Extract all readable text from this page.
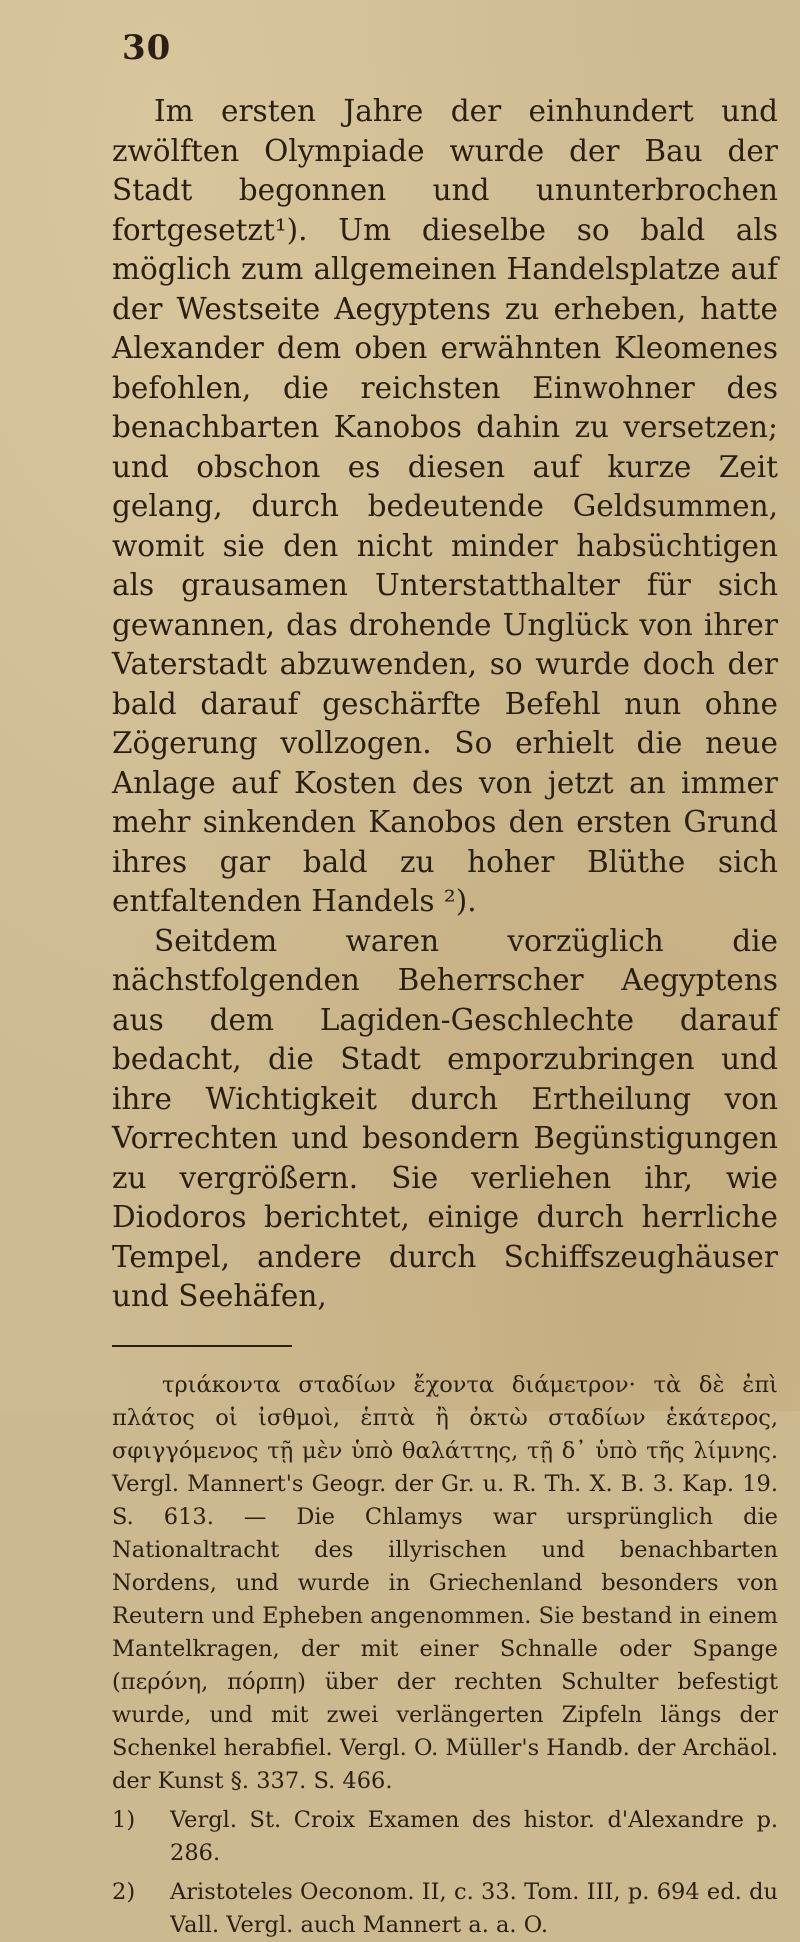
30

Im ersten Jahre der einhundert und zwölften Olympiade wurde der Bau der Stadt begonnen und ununterbrochen fortgesetzt¹). Um dieselbe so bald als möglich zum allgemeinen Handelsplatze auf der Westseite Aegyptens zu erheben, hatte Alexander dem oben erwähnten Kleomenes befohlen, die reichsten Einwohner des benachbarten Kanobos dahin zu versetzen; und obschon es diesen auf kurze Zeit gelang, durch bedeutende Geldsummen, womit sie den nicht minder habsüchtigen als grausamen Unterstatthalter für sich gewannen, das drohende Unglück von ihrer Vaterstadt abzuwenden, so wurde doch der bald darauf geschärfte Befehl nun ohne Zögerung vollzogen. So erhielt die neue Anlage auf Kosten des von jetzt an immer mehr sinkenden Kanobos den ersten Grund ihres gar bald zu hoher Blüthe sich entfaltenden Handels ²).

Seitdem waren vorzüglich die nächstfolgenden Beherrscher Aegyptens aus dem Lagiden-Geschlechte darauf bedacht, die Stadt emporzubringen und ihre Wichtigkeit durch Ertheilung von Vorrechten und besondern Begünstigungen zu vergrößern. Sie verliehen ihr, wie Diodoros berichtet, einige durch herrliche Tempel, andere durch Schiffszeughäuser und Seehäfen,

τριάκοντα σταδίων ἔχοντα διάμετρον· τὰ δὲ ἐπὶ πλάτος οἱ ἰσθμοὶ, ἑπτὰ ἢ ὀκτὼ σταδίων ἑκάτερος, σφιγγόμενος τῇ μὲν ὑπὸ θαλάττης, τῇ δ᾽ ὑπὸ τῆς λίμνης. Vergl. Mannert's Geogr. der Gr. u. R. Th. X. B. 3. Kap. 19. S. 613. — Die Chlamys war ursprünglich die Nationaltracht des illyrischen und benachbarten Nordens, und wurde in Griechenland besonders von Reutern und Epheben angenommen. Sie bestand in einem Mantelkragen, der mit einer Schnalle oder Spange (περόνη, πόρπη) über der rechten Schulter befestigt wurde, und mit zwei verlängerten Zipfeln längs der Schenkel herabfiel. Vergl. O. Müller's Handb. der Archäol. der Kunst §. 337. S. 466.

1) Vergl. St. Croix Examen des histor. d'Alexandre p. 286.
2) Aristoteles Oeconom. II, c. 33. Tom. III, p. 694 ed. du Vall. Vergl. auch Mannert a. a. O.
